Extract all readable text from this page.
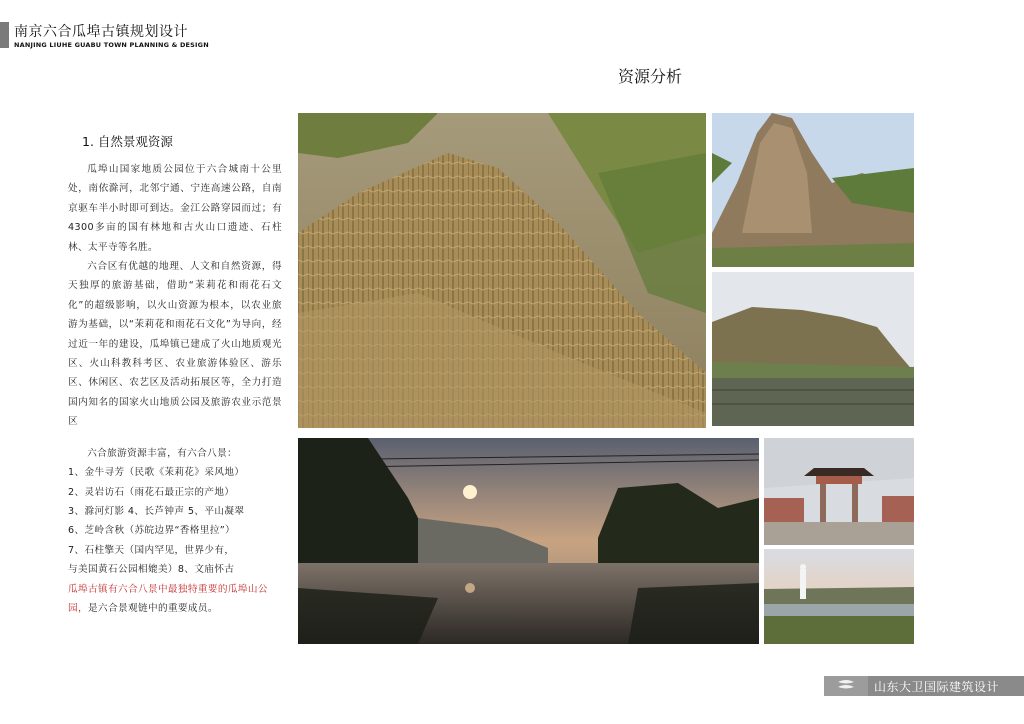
南京六合瓜埠古镇规划设计
NANJING LIUHE GUABU TOWN PLANNING & DESIGN
资源分析
1. 自然景观资源

瓜埠山国家地质公园位于六合城南十公里处，南依滁河，北邻宁通、宁连高速公路，自南京驱车半小时即可到达。金江公路穿园而过；有4300多亩的国有林地和古火山口遗迹、石柱林、太平寺等名胜。

六合区有优越的地理、人文和自然资源，得天独厚的旅游基础，借助“茉莉花和雨花石文化”的超级影响，以火山资源为根本，以农业旅游为基础，以“茉莉花和雨花石文化”为导向，经过近一年的建设，瓜埠镇已建成了火山地质观光区、火山科教科考区、农业旅游体验区、游乐区、休闲区、农艺区及活动拓展区等，全力打造国内知名的国家火山地质公园及旅游农业示范景区

六合旅游资源丰富，有六合八景：
1、金牛寻芳（民歌《茉莉花》采风地）
2、灵岩访石（雨花石最正宗的产地）
3、滁河灯影 4、长芦钟声 5、平山凝翠
6、芝岭含秋（苏皖边界“香格里拉”）
7、石柱擎天（国内罕见，世界少有，
与美国黄石公园相媲美）8、文庙怀古
瓜埠古镇有六合八景中最独特重要的瓜埠山公园，是六合景观链中的重要成员。
山东大卫国际建筑设计
